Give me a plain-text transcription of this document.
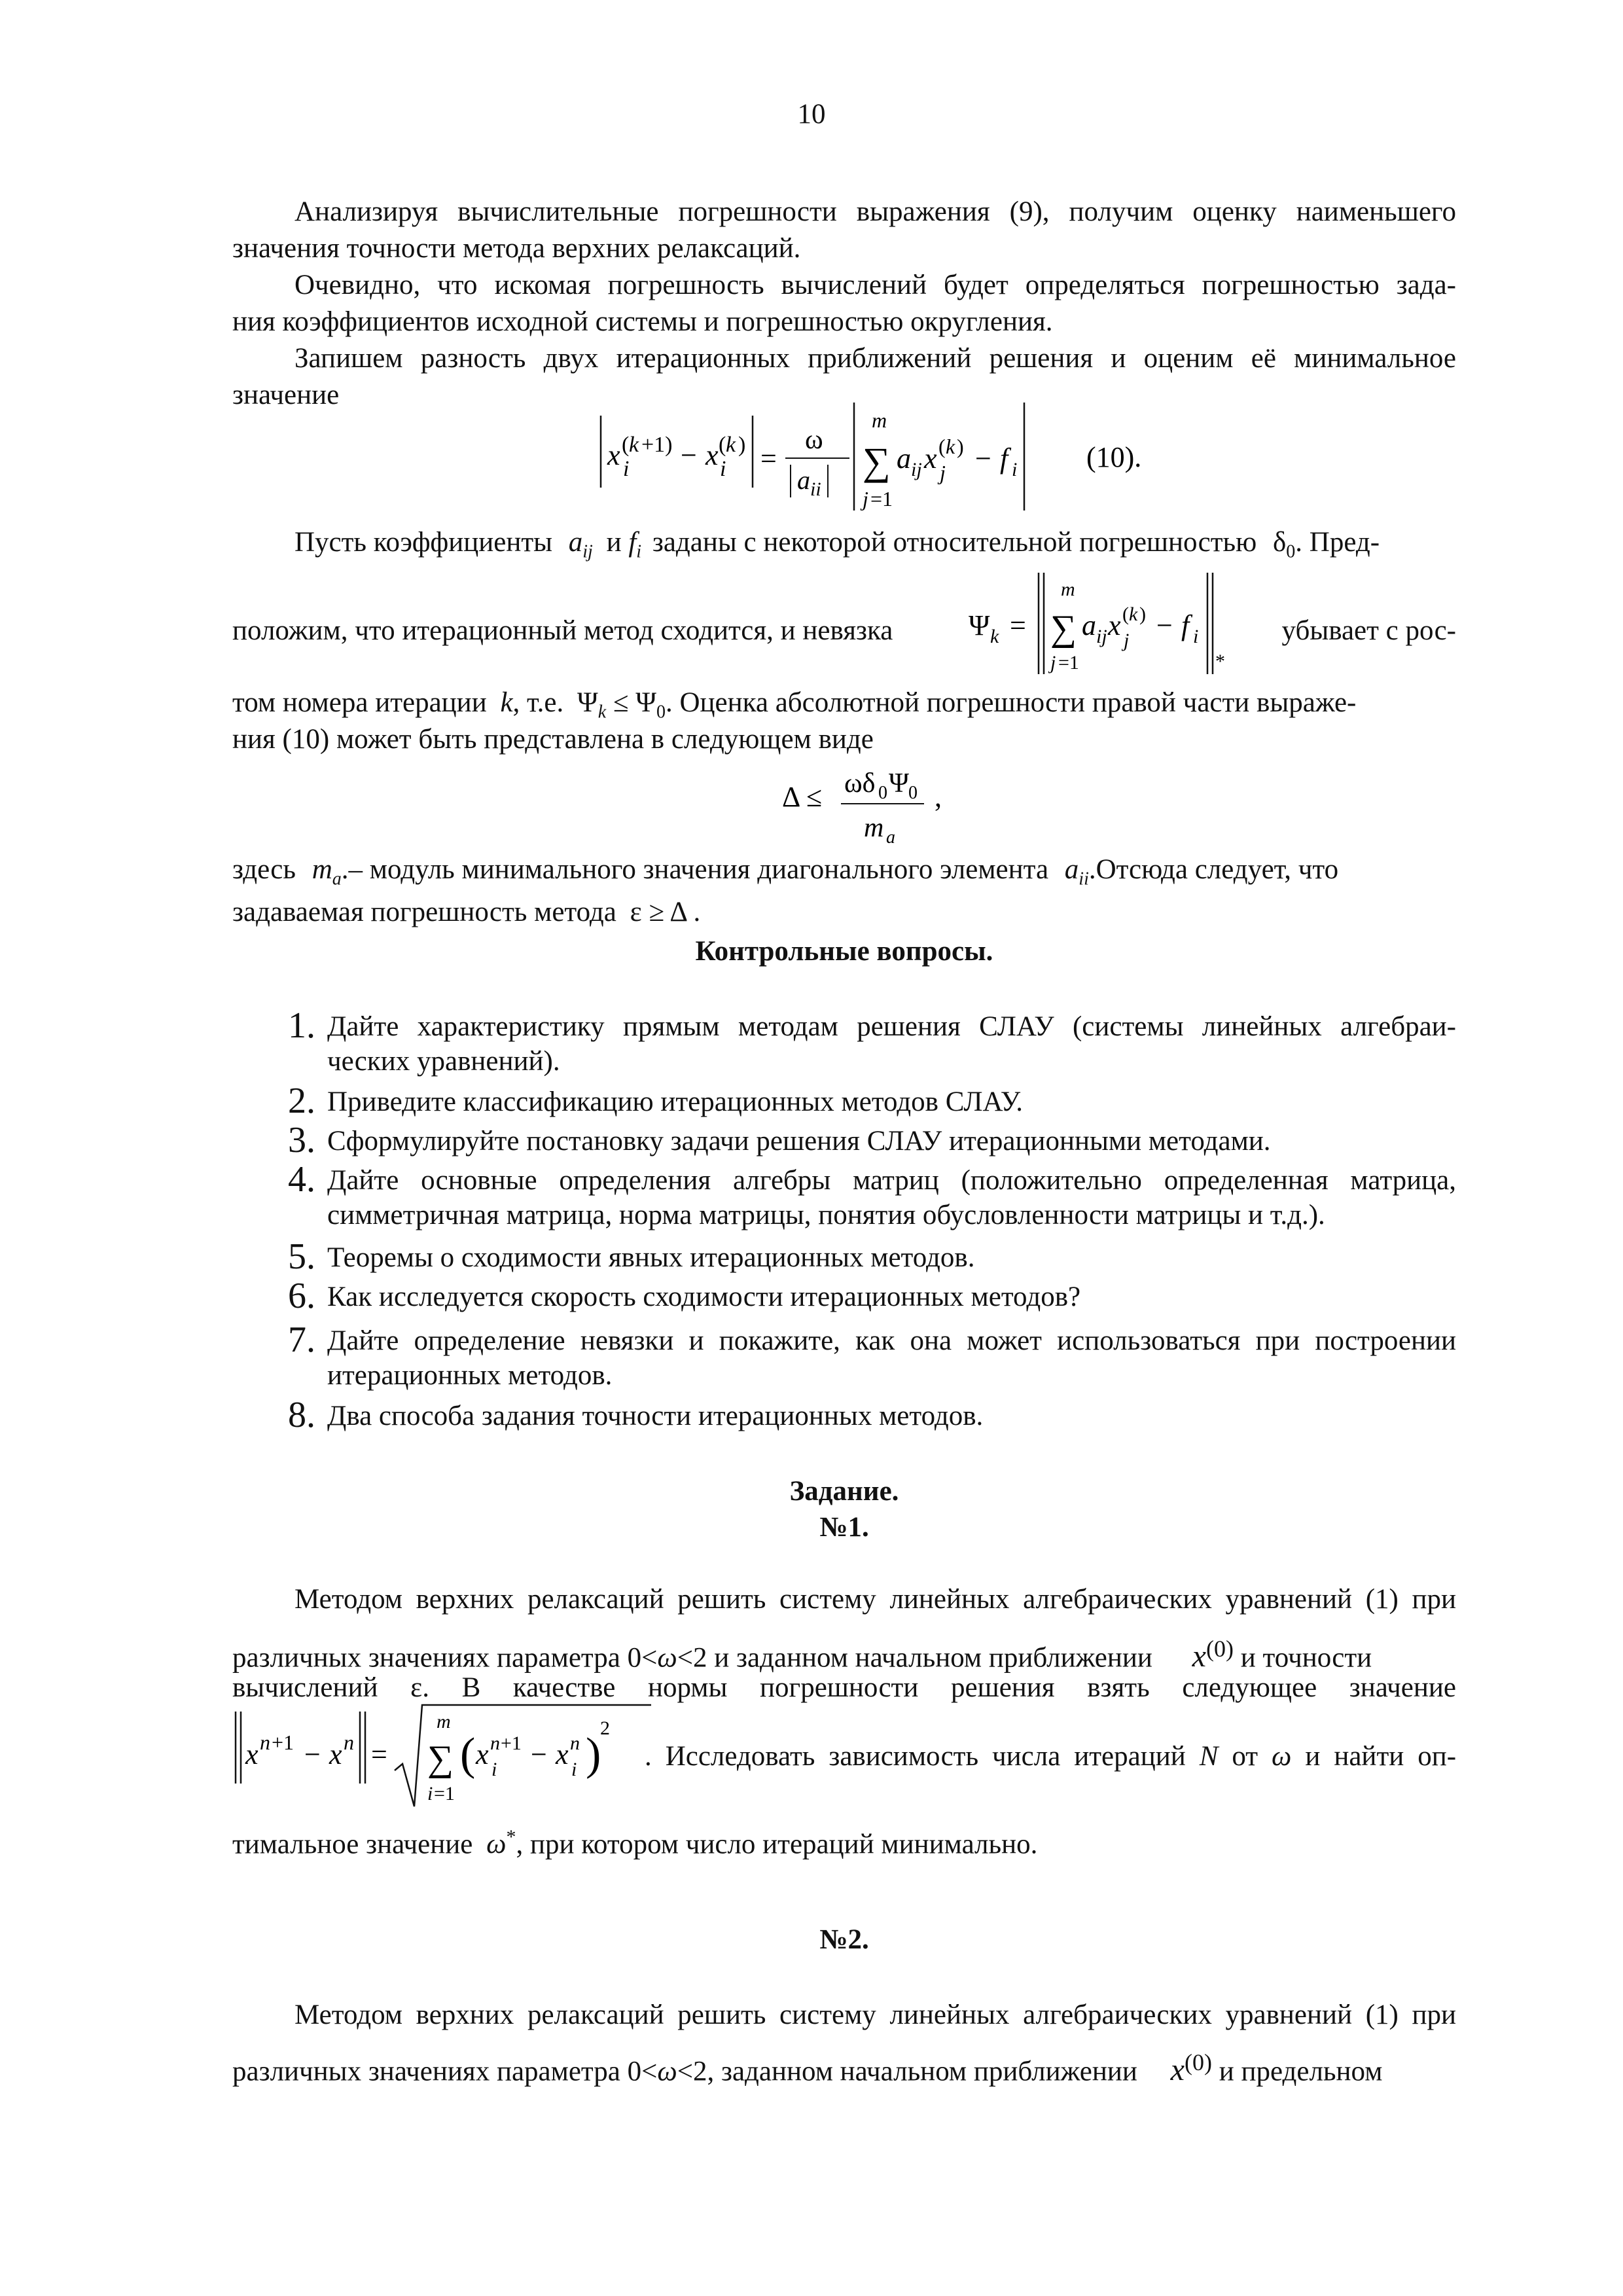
10
Анализируя вычислительные погрешности выражения (9), получим оценку наименьшего
значения точности метода верхних релаксаций.
Очевидно, что искомая погрешность вычислений будет определяться погрешностью зада-
ния коэффициентов исходной системы и погрешностью округления.
Запишем разность двух итерационных приближений решения и оценим её минимальное
значение
x ( k +1)
i − x ( k )
i =
ω
a ii
m
∑
j =1
a ij x ( k )
j − f i (10).
Пусть коэффициенты $a_{ij}$ и $f_i$ заданы с некоторой относительной погрешностью $\delta_0$. Пред-
положим, что итерационный метод сходится, и невязка	Ψ k =
m
∑
j =1
a ij x ( k )
j − f i
*
убывает с рос-
том номера итерации k, т.е. $\Psi_k \le \Psi_0$. Оценка абсолютной погрешности правой части выраже-
ния (10) может быть представлена в следующем виде
Δ ≤ ωδ 0 Ψ 0
m a
,
здесь $m_a.-$ модуль минимального значения диагонального элемента $a_{ii}.Отсюда$ следует, что
задаваемая погрешность метода ε ≥ Δ .
Контрольные вопросы.
1. Дайте характеристику прямым методам решения СЛАУ (системы линейных алгебраи-
ческих уравнений).
2. Приведите классификацию итерационных методов СЛАУ.
3. Сформулируйте постановку задачи решения СЛАУ итерационными методами.
4. Дайте основные определения алгебры матриц (положительно определенная матрица,
симметричная матрица, норма матрицы, понятия обусловленности матрицы и т.д.).
5. Теоремы о сходимости явных итерационных методов.
6. Как исследуется скорость сходимости итерационных методов?
7. Дайте определение невязки и покажите, как она может использоваться при построении
итерационных методов.
8. Два способа задания точности итерационных методов.
Задание.
№1.
Методом верхних релаксаций решить систему линейных алгебраических уравнений (1) при
различных значениях параметра 0<ω<2 и заданном начальном приближении $x^{(0)}$ и точности
вычислений ε. В качестве нормы погрешности решения взять следующее значение
x n +1 − x n =
m
∑
i =1
( x n +1
i − x n
i )
2
. Исследовать зависимость числа итераций N от ω и найти оп-
тимальное значение ω*, при котором число итераций минимально.
№2.
Методом верхних релаксаций решить систему линейных алгебраических уравнений (1) при
различных значениях параметра 0<ω<2, заданном начальном приближении $x^{(0)}$ и предельном
